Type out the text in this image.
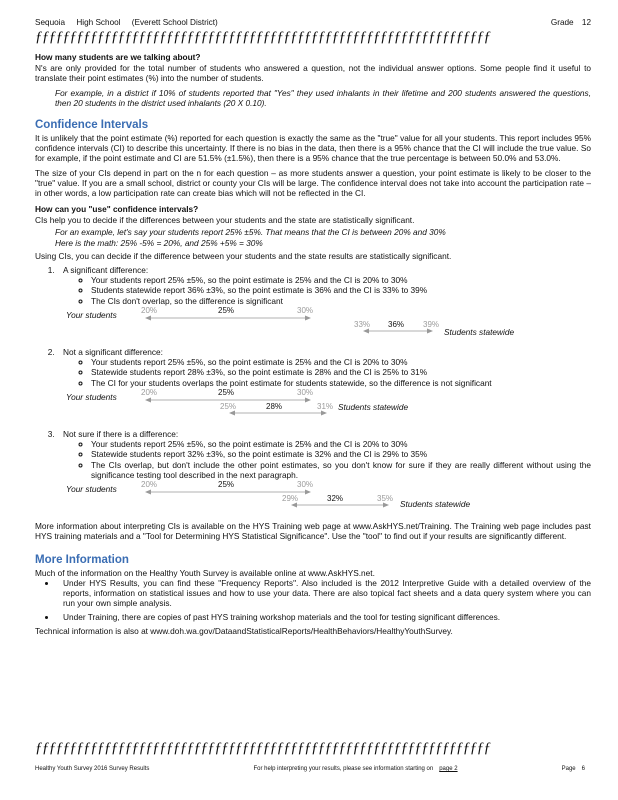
Sequoia High School (Everett School District)	Grade 12
ƒƒƒƒƒƒƒƒƒƒƒƒƒƒƒƒƒƒƒƒƒƒƒƒƒƒƒƒƒƒƒƒƒƒƒƒƒƒƒƒƒƒƒƒƒƒƒƒƒƒƒƒƒƒƒƒƒƒƒƒƒƒƒƒƒƒ
How many students are we talking about?

N's are only provided for the total number of students who answered a question, not the individual answer options. Some people find it useful to translate their point estimates (%) into the number of students.

For example, in a district if 10% of students reported that "Yes" they used inhalants in their lifetime and 200 students answered the questions, then 20 students in the district used inhalants (20 X 0.10).

Confidence Intervals

It is unlikely that the point estimate (%) reported for each question is exactly the same as the "true" value for all your students. This report includes 95% confidence intervals (CI) to describe this uncertainty. If there is no bias in the data, then there is a 95% chance that the CI will include the true value. So for example, if the point estimate and CI are 51.5% (±1.5%), then there is a 95% chance that the true percentage is between 50.0% and 53.0%.

The size of your CIs depend in part on the n for each question – as more students answer a question, your point estimate is likely to be closer to the "true" value. If you are a small school, district or county your CIs will be large. The confidence interval does not take into account the participation rate – in other words, a low participation rate can create bias which will not be reflected in the CI.

How can you "use" confidence intervals?

CIs help you to decide if the differences between your students and the state are statistically significant.

For an example, let's say your students report 25% ±5%. That means that the CI is between 20% and 30%
Here is the math: 25% -5% = 20%, and 25% +5% = 30%

Using CIs, you can decide if the difference between your students and the state results are statistically significant.

1. A significant difference:
◦ Your students report 25% ±5%, so the point estimate is 25% and the CI is 20% to 30%
◦ Students statewide report 36% ±3%, so the point estimate is 36% and the CI is 33% to 39%
◦ The CIs don't overlap, so the difference is significant
Your students	20%	25%	30%
33% 36% 39%
Students statewide
2. Not a significant difference:
◦ Your students report 25% ±5%, so the point estimate is 25% and the CI is 20% to 30%
◦ Statewide students report 28% ±3%, so the point estimate is 28% and the CI is 25% to 31%
◦ The CI for your students overlaps the point estimate for students statewide, so the difference is not significant
Your students	20%	25%	30%
25%	28%	31% Students statewide
3. Not sure if there is a difference:
◦ Your students report 25% ±5%, so the point estimate is 25% and the CI is 20% to 30%
◦ Statewide students report 32% ±3%, so the point estimate is 32% and the CI is 29% to 35%
◦ The CIs overlap, but don't include the other point estimates, so you don't know for sure if they are really different without using the significance testing tool described in the next paragraph.
Your students	20%	25%	30%
29%	32%	35%
Students statewide

More information about interpreting CIs is available on the HYS Training web page at www.AskHYS.net/Training. The Training web page includes past HYS training materials and a "Tool for Determining HYS Statistical Significance". Use the "tool" to find out if your results are significantly different.

More Information
Much of the information on the Healthy Youth Survey is available online at www.AskHYS.net.
• Under HYS Results, you can find these "Frequency Reports". Also included is the 2012 Interpretive Guide with a detailed overview of the reports, information on statistical issues and how to use your data. There are also topical fact sheets and a data query system where you can run your own simple analysis.
• Under Training, there are copies of past HYS training workshop materials and the tool for testing significant differences.
Technical information is also at www.doh.wa.gov/DataandStatisticalReports/HealthBehaviors/HealthyYouthSurvey.
ƒƒƒƒƒƒƒƒƒƒƒƒƒƒƒƒƒƒƒƒƒƒƒƒƒƒƒƒƒƒƒƒƒƒƒƒƒƒƒƒƒƒƒƒƒƒƒƒƒƒƒƒƒƒƒƒƒƒƒƒƒƒƒƒƒƒ
Healthy Youth Survey 2016 Survey Results	For help interpreting your results, please see information starting on page 2	Page 6
